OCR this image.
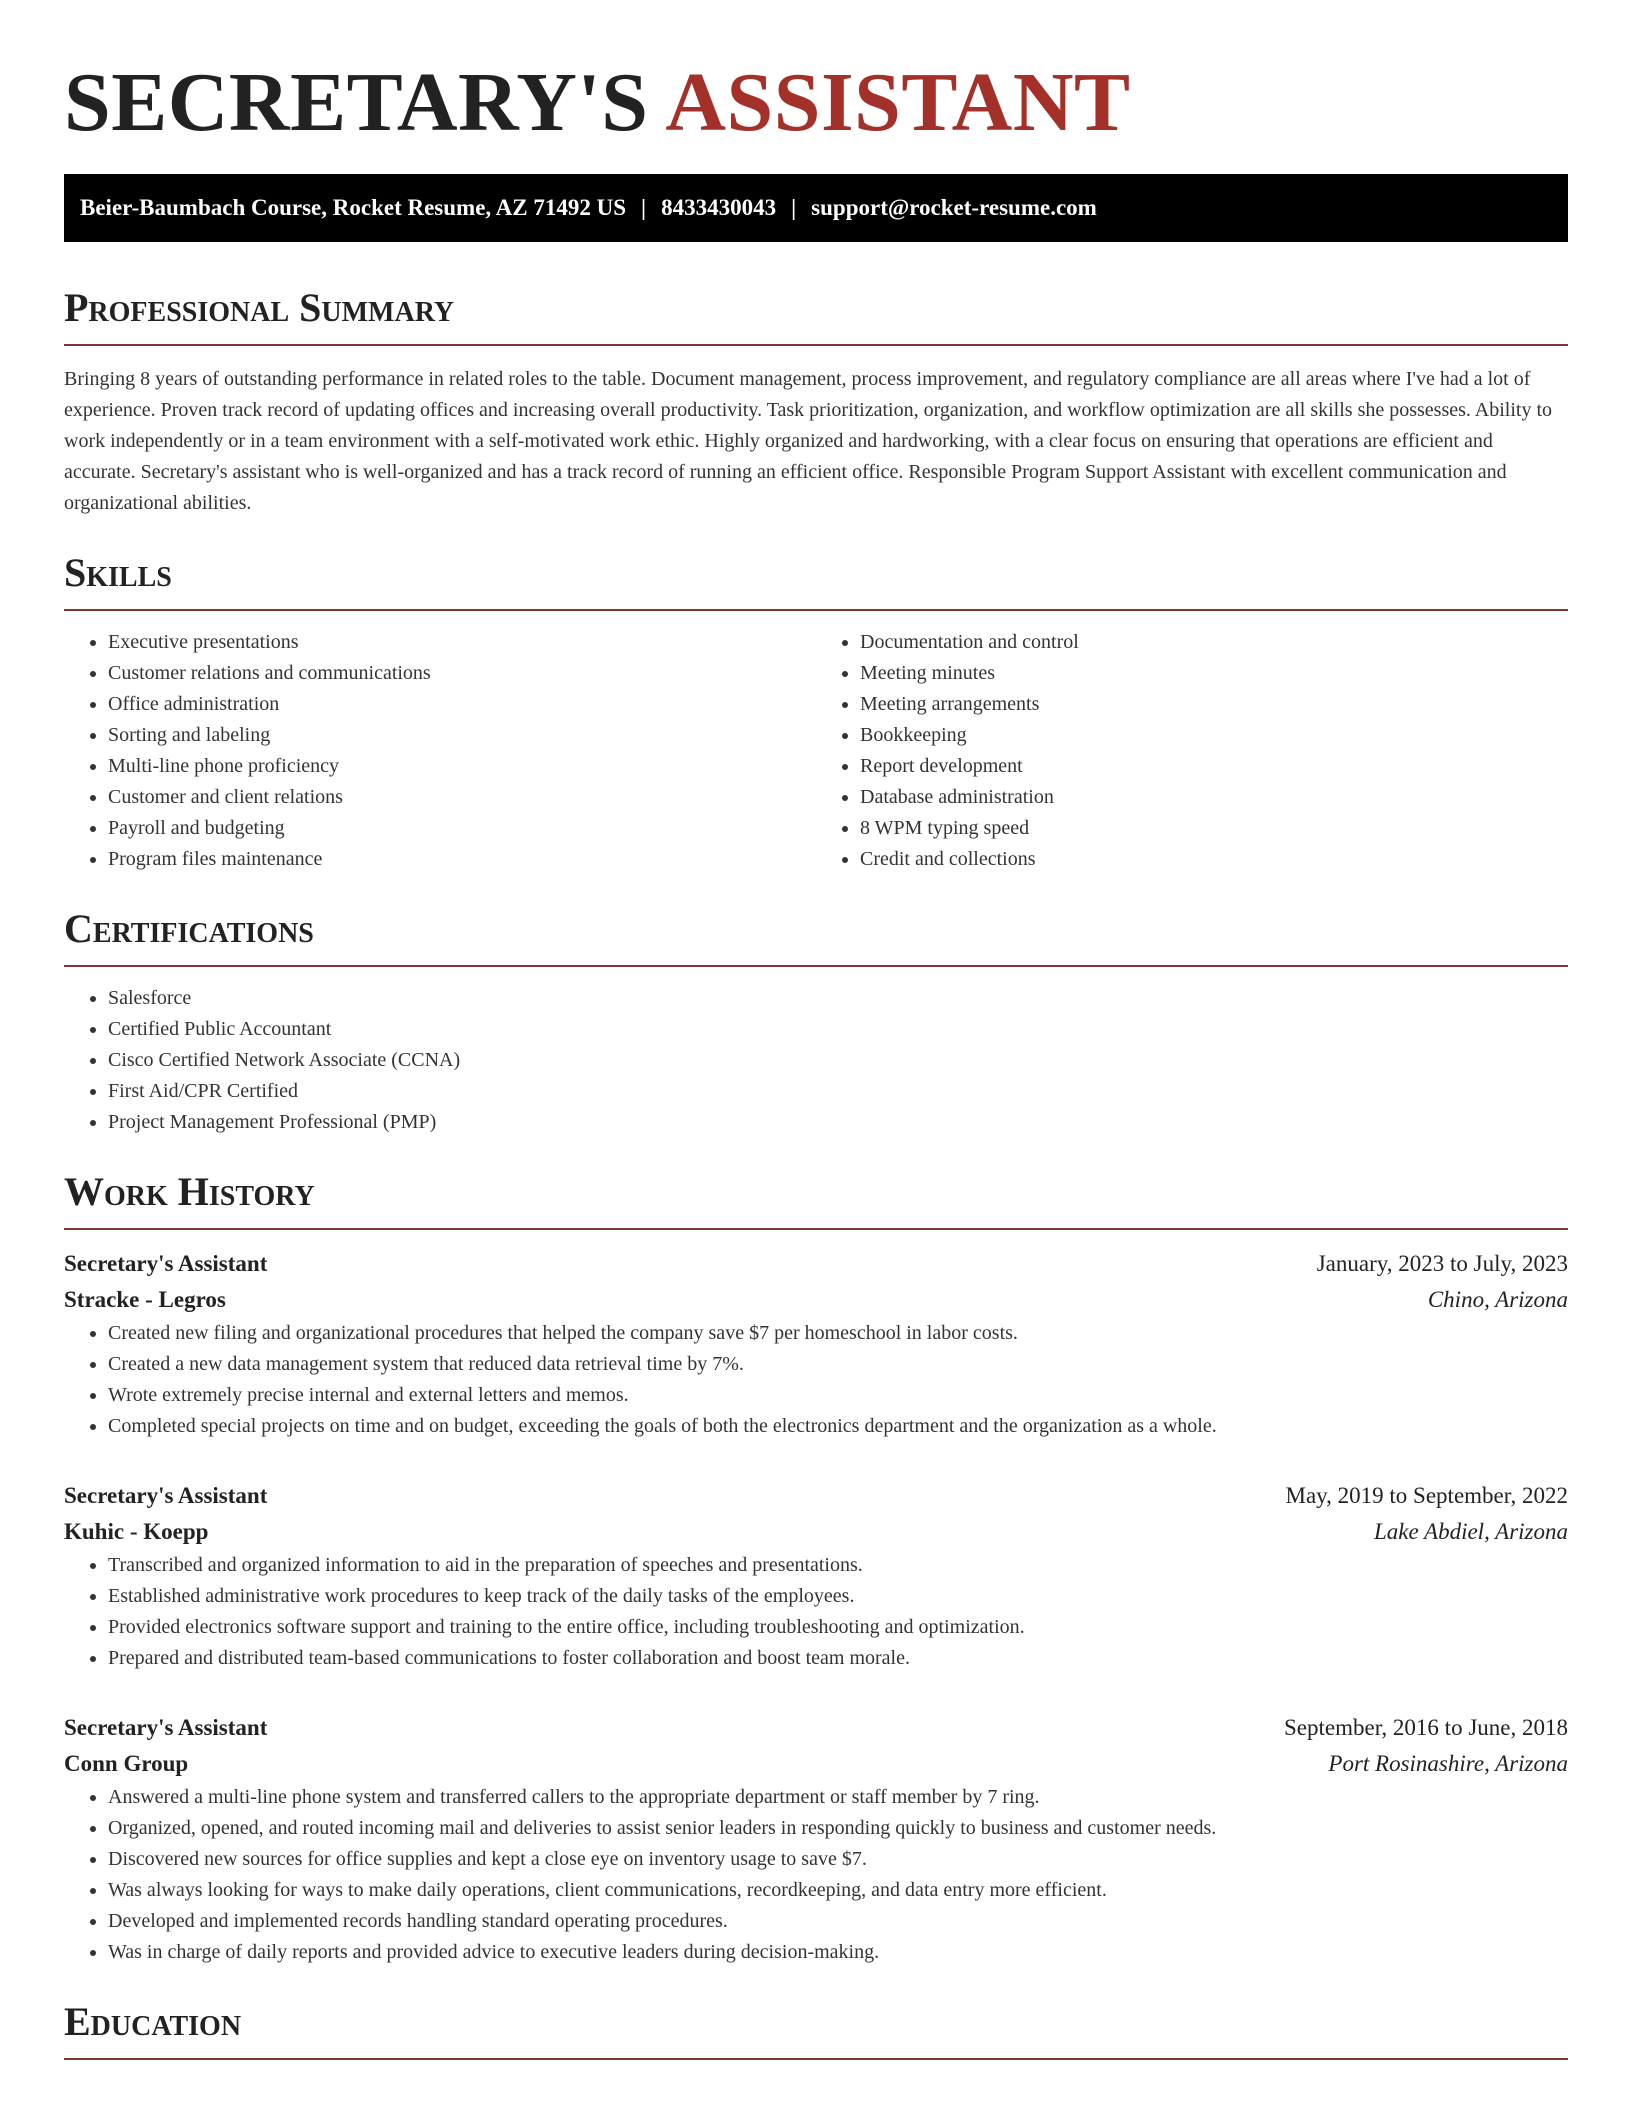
SECRETARY'S ASSISTANT
Beier-Baumbach Course, Rocket Resume, AZ 71492 US | 8433430043 | support@rocket-resume.com
Professional Summary

Bringing 8 years of outstanding performance in related roles to the table. Document management, process improvement, and regulatory compliance are all areas where I've had a lot of experience. Proven track record of updating offices and increasing overall productivity. Task prioritization, organization, and workflow optimization are all skills she possesses. Ability to work independently or in a team environment with a self-motivated work ethic. Highly organized and hardworking, with a clear focus on ensuring that operations are efficient and accurate. Secretary's assistant who is well-organized and has a track record of running an efficient office. Responsible Program Support Assistant with excellent communication and organizational abilities.

Skills
• Executive presentations
• Customer relations and communications
• Office administration
• Sorting and labeling
• Multi-line phone proficiency
• Customer and client relations
• Payroll and budgeting
• Program files maintenance
• Documentation and control
• Meeting minutes
• Meeting arrangements
• Bookkeeping
• Report development
• Database administration
• 8 WPM typing speed
• Credit and collections
Certifications
• Salesforce
• Certified Public Accountant
• Cisco Certified Network Associate (CCNA)
• First Aid/CPR Certified
• Project Management Professional (PMP)
Work History
Secretary's Assistant	January, 2023 to July, 2023
Stracke - Legros	Chino, Arizona
• Created new filing and organizational procedures that helped the company save $7 per homeschool in labor costs.
• Created a new data management system that reduced data retrieval time by 7%.
• Wrote extremely precise internal and external letters and memos.
• Completed special projects on time and on budget, exceeding the goals of both the electronics department and the organization as a whole.
Secretary's Assistant	May, 2019 to September, 2022
Kuhic - Koepp	Lake Abdiel, Arizona
• Transcribed and organized information to aid in the preparation of speeches and presentations.
• Established administrative work procedures to keep track of the daily tasks of the employees.
• Provided electronics software support and training to the entire office, including troubleshooting and optimization.
• Prepared and distributed team-based communications to foster collaboration and boost team morale.
Secretary's Assistant	September, 2016 to June, 2018
Conn Group	Port Rosinashire, Arizona
• Answered a multi-line phone system and transferred callers to the appropriate department or staff member by 7 ring.
• Organized, opened, and routed incoming mail and deliveries to assist senior leaders in responding quickly to business and customer needs.
• Discovered new sources for office supplies and kept a close eye on inventory usage to save $7.
• Was always looking for ways to make daily operations, client communications, recordkeeping, and data entry more efficient.
• Developed and implemented records handling standard operating procedures.
• Was in charge of daily reports and provided advice to executive leaders during decision-making.
Education
